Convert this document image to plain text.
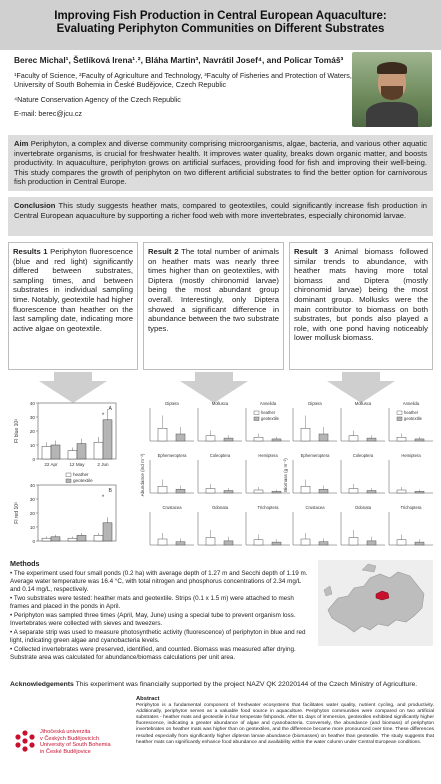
Improving Fish Production in Central European Aquaculture:
Evaluating Periphyton Communities on Different Substrates
Berec Michal¹, Šetlíková Irena¹˒², Bláha Martin³, Navrátil Josef⁴, and Policar Tomáš³

¹Faculty of Science, ²Faculty of Agriculture and Technology, ³Faculty of Fisheries and Protection of Waters, University of South Bohemia in České Budějovice, Czech Republic

⁴Nature Conservation Agency of the Czech Republic

E-mail: berec@jcu.cz

Aim Periphyton, a complex and diverse community comprising microorganisms, algae, bacteria, and various other aquatic invertebrate organisms, is crucial for freshwater health. It improves water quality, breaks down organic matter, and boosts productivity. In aquaculture, periphyton grows on artificial surfaces, providing food for fish and improving their well-being. This study compares the growth of periphyton on two different artificial substrates to find the better option for carnivorous fish production in Central Europe.
Conclusion This study suggests heather mats, compared to geotextiles, could significantly increase fish production in Central European aquaculture by supporting a richer food web with more invertebrates, especially chironomid larvae.
Results 1 Periphyton fluorescence (blue and red light) significantly differed between substrates, sampling times, and between substrates in individual sampling time. Notably, geotextile had higher fluorescence than heather on the last sampling date, indicating more active algae on geotextile.
Result 2 The total number of animals on heather mats was nearly three times higher than on geotextiles, with Diptera (mostly chironomid larvae) being the most abundant group overall. Interestingly, only Diptera showed a significant difference in abundance between the two substrate types.
Result 3 Animal biomass followed similar trends to abundance, with heather mats having more total biomass and Diptera (mostly chironomid larvae) being the most dominant group. Mollusks were the main contributor to biomass on both substrates, but ponds also played a role, with one pond having noticeably lower mollusk biomass.
0
10
20
30
40
Fl blue 10³
A
22 Apr	12 May	2 Jun
*
0
10
20
30
40
Fl red 10³
B
*
heather
geotextile	Abundance (ind m⁻²)
Diptera	Mollusca	Annelida
heather
geotextile
Ephemeroptera	Coleoptera	Hemiptera
Crustacea	Odonata	Trichoptera
Biomass (g m⁻²)
Diptera	Mollusca	Annelida
heather
geotextile
Ephemeroptera	Coleoptera	Hemiptera
Crustacea	Odonata	Trichoptera
Methods

• The experiment used four small ponds (0.2 ha) with average depth of 1.27 m and Secchi depth of 1.19 m. Average water temperature was 16.4 °C, with total nitrogen and phosphorus concentrations of 2.34 mg/L and 0.14 mg/L, respectively.

• Two substrates were tested: heather mats and geotextile. Strips (0.1 x 1.5 m) were attached to mesh frames and placed in the ponds in April.

• Periphyton was sampled three times (April, May, June) using a special tube to prevent organism loss. Invertebrates were collected with sieves and tweezers.

• A separate strip was used to measure photosynthetic activity (fluorescence) of periphyton in blue and red light, indicating green algae and cyanobacteria levels.

• Collected invertebrates were preserved, identified, and counted. Biomass was measured after drying. Substrate area was calculated for abundance/biomass calculations per unit area.

Acknowledgements This experiment was financially supported by the project NAZV QK 22020144 of the Czech Ministry of Agriculture.
Abstract

Periphyton is a fundamental component of freshwater ecosystems that facilitates water quality, nutrient cycling, and productivity. Additionally, periphyton serves as a valuable food source in aquaculture. Periphyton communities were compared on two artificial substrates - heather mats and geotextile in four temperate fishponds. After 51 days of immersion, geotextiles exhibited significantly higher fluorescence, indicating a greater abundance of algae and cyanobacteria. Conversely, the abundance (and biomass) of periphyton invertebrates on heather mats was higher than on geotextiles, and the difference became more pronounced over time. These differences resulted especially from significantly higher dipteran larvae abundance (biomasses) on heather than geotextile. The study suggests that heather mats can significantly enhance food abundance and availability within the water column under Central European conditions.

Jihočeská univerzita
v Českých Budějovicích
University of South Bohemia
in České Budějovice
